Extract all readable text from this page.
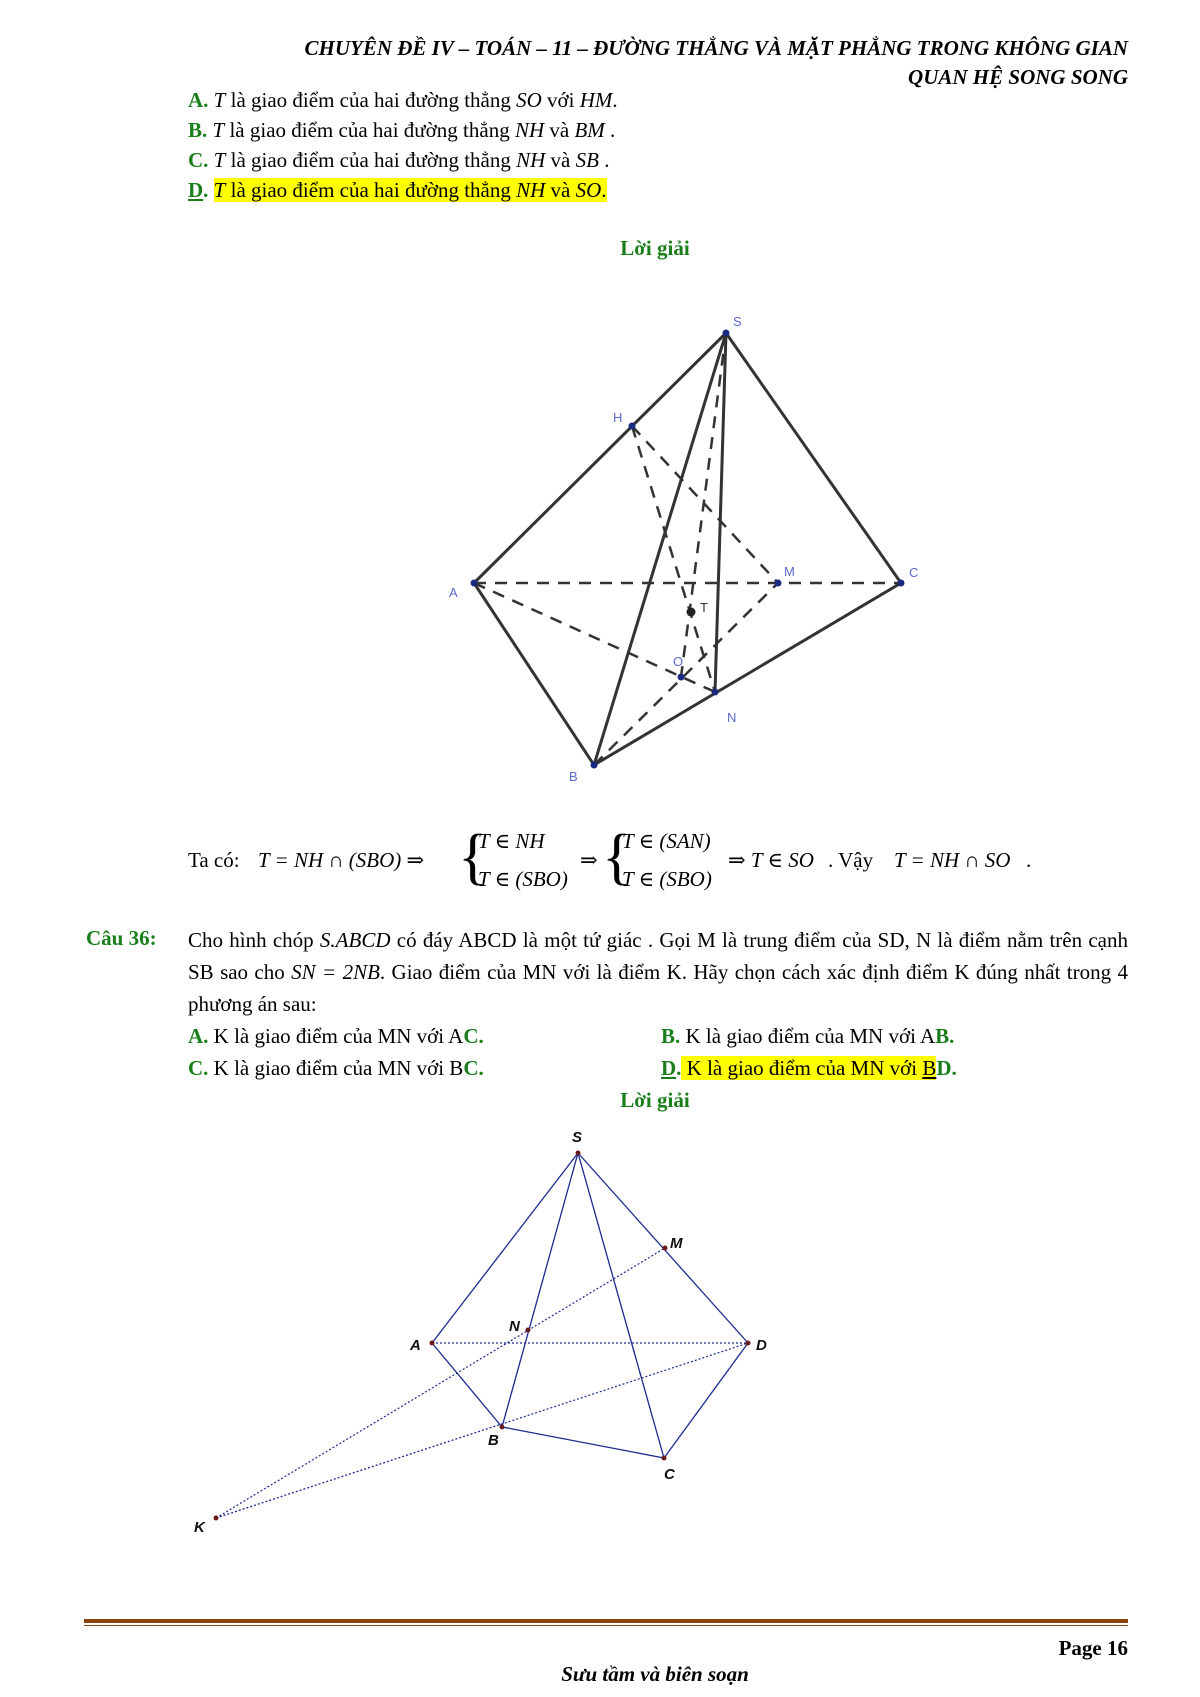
CHUYÊN ĐỀ IV – TOÁN – 11 – ĐƯỜNG THẲNG VÀ MẶT PHẲNG TRONG KHÔNG GIAN
QUAN HỆ SONG SONG
A. T là giao điểm của hai đường thẳng SO với HM.
B. T là giao điểm của hai đường thẳng NH và BM .
C. T là giao điểm của hai đường thẳng NH và SB .
D. T là giao điểm của hai đường thẳng NH và SO.
Lời giải
S
H
A
M	C
T
O
N
B
Ta có: T = NH ∩ (SBO) ⇒ {
T ∈ NH
T ∈ (SBO)
⇒ {
T ∈ (SAN)
T ∈ (SBO)
⇒ T ∈ SO . Vậy T = NH ∩ SO .
Câu 36: Cho hình chóp S.ABCD có đáy ABCD là một tứ giác . Gọi M là trung điểm của SD, N là điểm nằm trên cạnh SB sao cho SN = 2NB. Giao điểm của MN với là điểm K. Hãy chọn cách xác định điểm K đúng nhất trong 4 phương án sau:
A. K là giao điểm của MN với AC.	B. K là giao điểm của MN với AB.
C. K là giao điểm của MN với BC.	D. K là giao điểm của MN với BD.
Lời giải
S
M
N
A	D
B
C
K
Page 16
Sưu tầm và biên soạn
